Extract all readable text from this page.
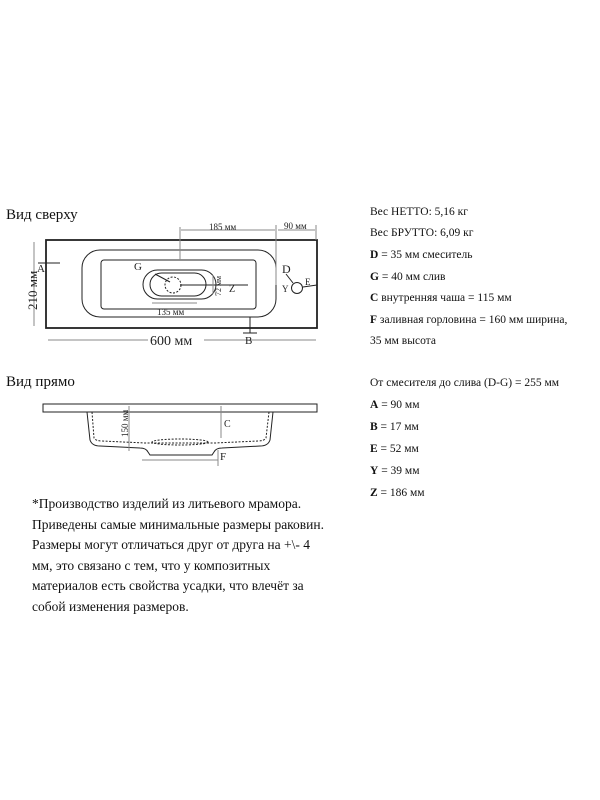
Вид сверху
Вид прямо
185 мм	90 мм
135 мм
72 мм
210 мм
600 мм
A
B
D
E
G
Y
Z
150 мм	C
F
Вес НЕТТО: 5,16 кг
Вес БРУТТО: 6,09 кг
D = 35 мм смеситель
G = 40 мм слив
C внутренняя чаша = 115 мм
F заливная горловина = 160 мм ширина,
35 мм высота
От смесителя до слива (D-G) = 255 мм
A = 90 мм
B = 17 мм
E = 52 мм
Y = 39 мм
Z = 186 мм
*Производство изделий из литьевого мрамора.
Приведены самые минимальные размеры раковин.
Размеры могут отличаться друг от друга на +\- 4
мм, это связано с тем, что у композитных
материалов есть свойства усадки, что влечёт за
собой изменения размеров.
